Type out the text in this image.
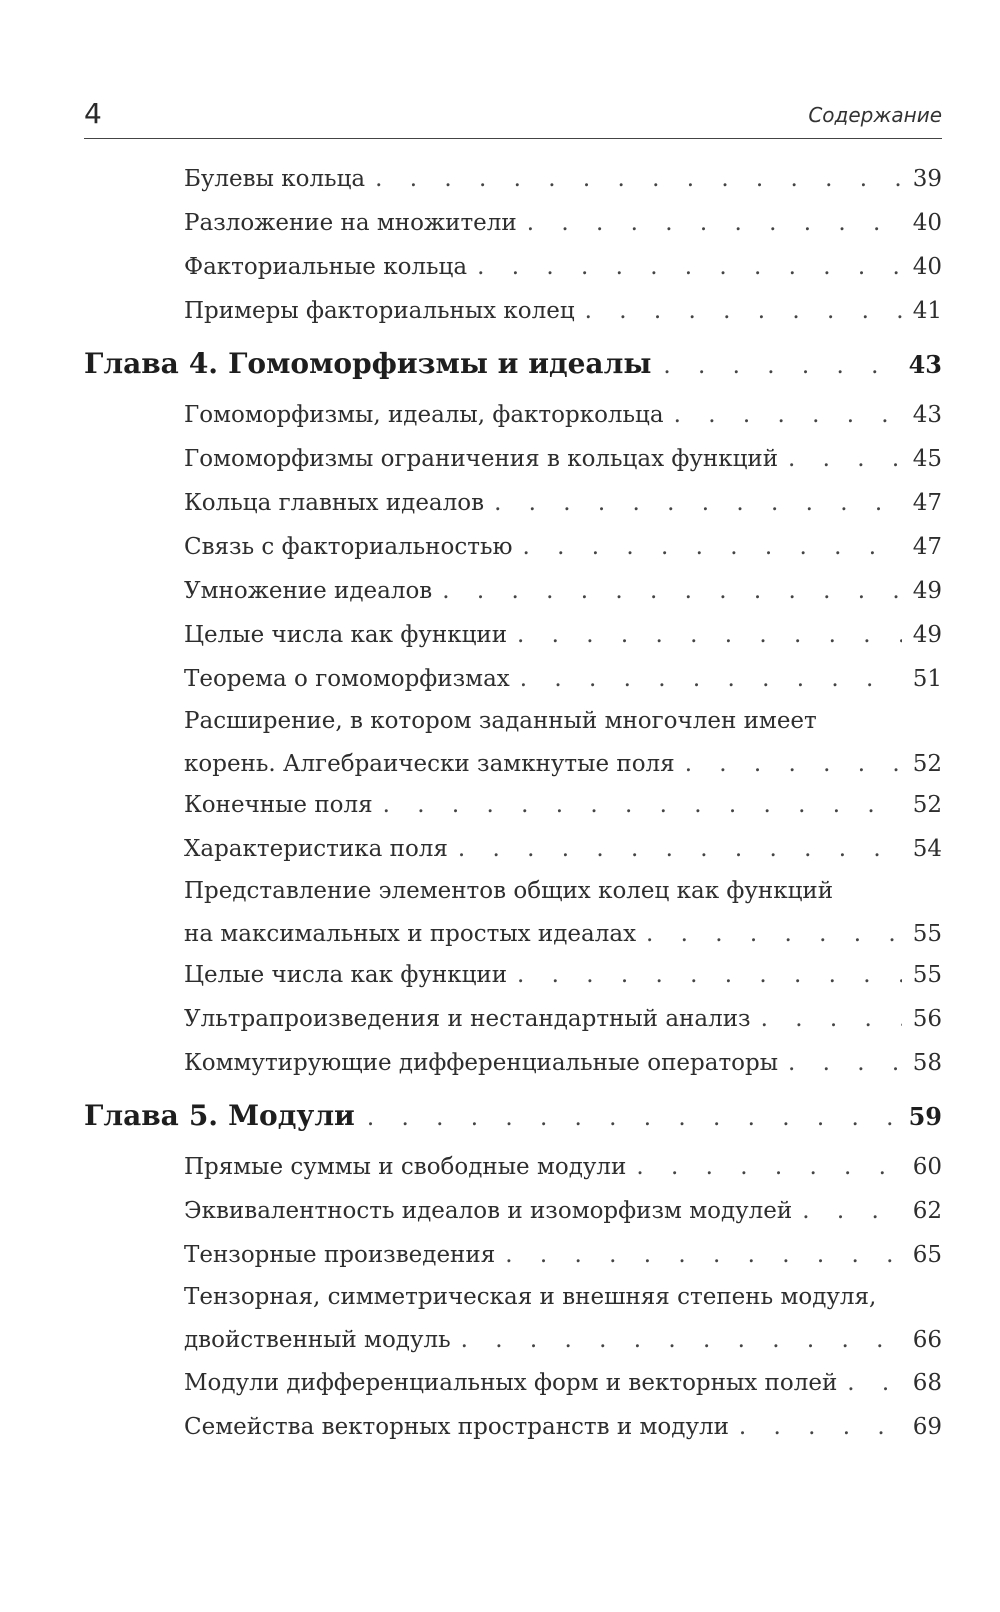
4	Содержание
Булевы кольца . . .	39
Разложение на множители . . .	40
Факториальные кольца . . .	40
Примеры факториальных колец . . .	41
Глава 4. Гомоморфизмы и идеалы . . .	43
Гомоморфизмы, идеалы, факторкольца . . .	43
Гомоморфизмы ограничения в кольцах функций . . .	45
Кольца главных идеалов . . .	47
Связь с факториальностью . . .	47
Умножение идеалов . . .	49
Целые числа как функции . . .	49
Теорема о гомоморфизмах . . .	51
Расширение, в котором заданный многочлен имеет
корень. Алгебраически замкнутые поля . . .	52
Конечные поля . . .	52
Характеристика поля . . .	54
Представление элементов общих колец как функций
на максимальных и простых идеалах . . .	55
Целые числа как функции . . .	55
Ультрапроизведения и нестандартный анализ . . .	56
Коммутирующие дифференциальные операторы . . .	58
Глава 5. Модули . . .	59
Прямые суммы и свободные модули . . .	60
Эквивалентность идеалов и изоморфизм модулей . . .	62
Тензорные произведения . . .	65
Тензорная, симметрическая и внешняя степень модуля,
двойственный модуль . . .	66
Модули дифференциальных форм и векторных полей . . .	68
Семейства векторных пространств и модули . . .	69
